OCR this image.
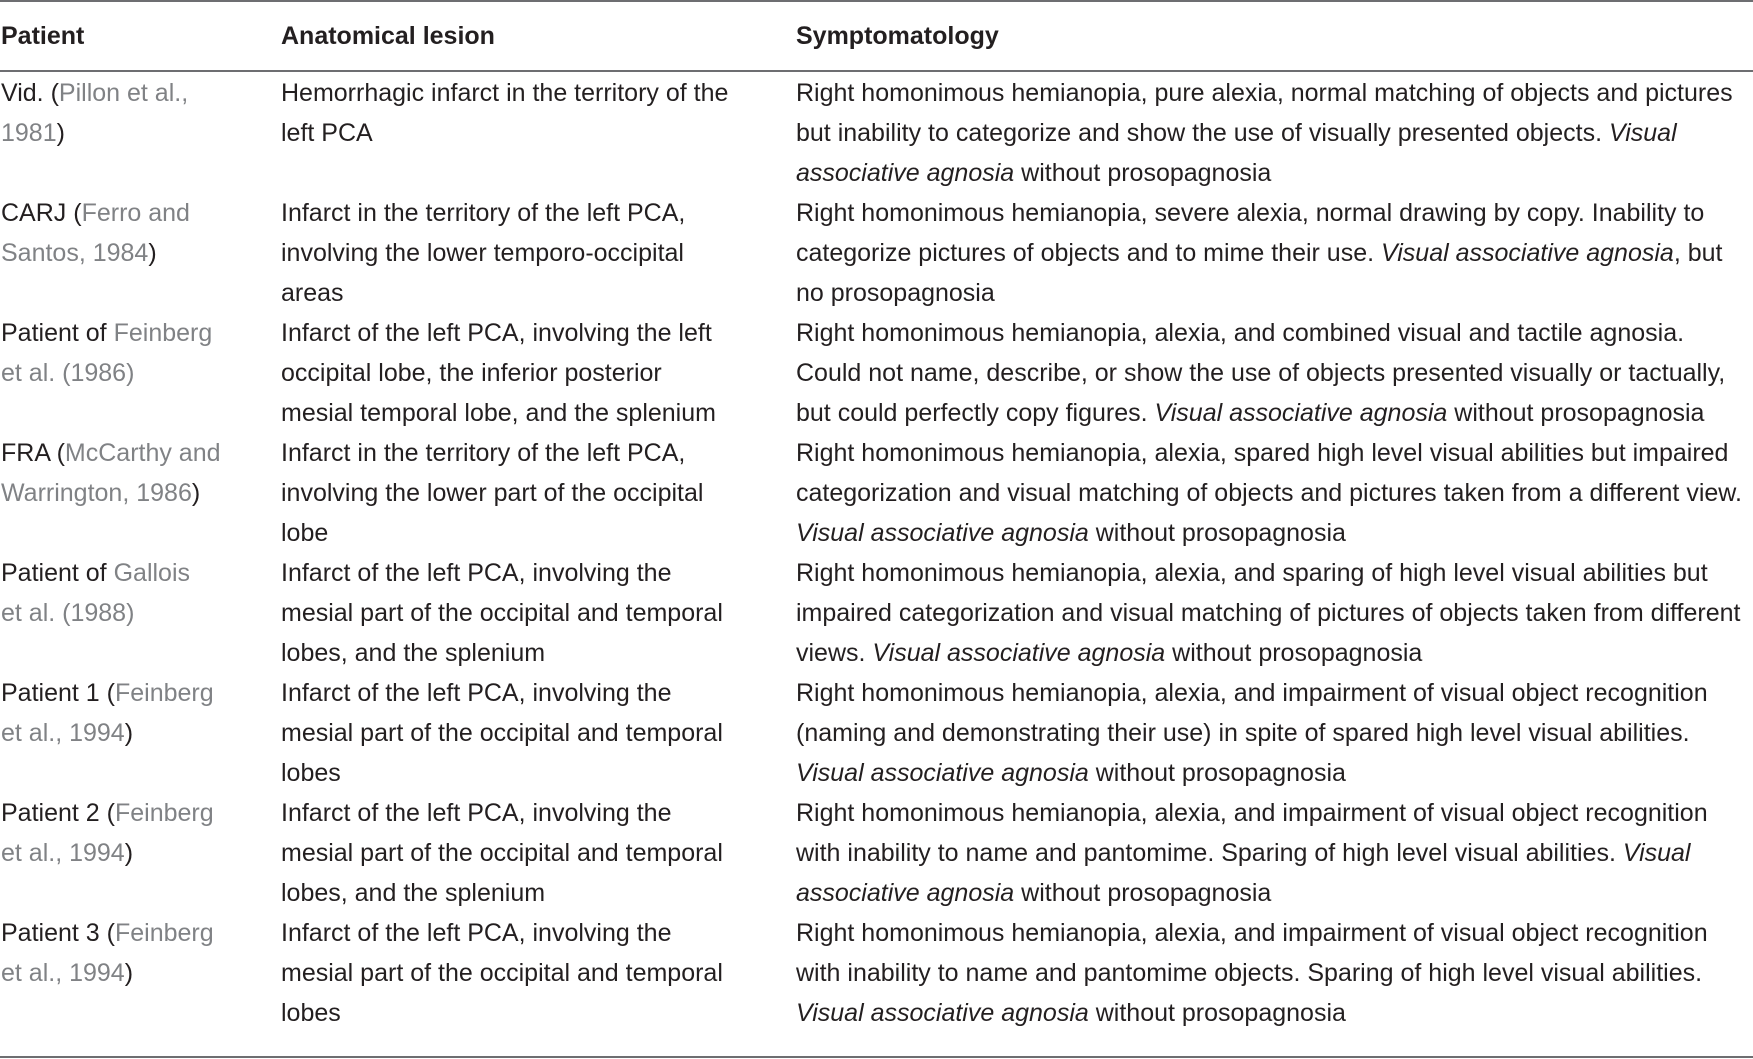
Patient	Anatomical lesion	Symptomatology
Vid. (Pillon et al.,
1981)
Hemorrhagic infarct in the territory of the
left PCA
Right homonimous hemianopia, pure alexia, normal matching of objects and pictures
but inability to categorize and show the use of visually presented objects. Visual
associative agnosia without prosopagnosia
CARJ (Ferro and
Santos, 1984)
Infarct in the territory of the left PCA,
involving the lower temporo-occipital
areas
Right homonimous hemianopia, severe alexia, normal drawing by copy. Inability to
categorize pictures of objects and to mime their use. Visual associative agnosia, but
no prosopagnosia
Patient of Feinberg
et al. (1986)
Infarct of the left PCA, involving the left
occipital lobe, the inferior posterior
mesial temporal lobe, and the splenium
Right homonimous hemianopia, alexia, and combined visual and tactile agnosia.
Could not name, describe, or show the use of objects presented visually or tactually,
but could perfectly copy figures. Visual associative agnosia without prosopagnosia
FRA (McCarthy and
Warrington, 1986)
Infarct in the territory of the left PCA,
involving the lower part of the occipital
lobe
Right homonimous hemianopia, alexia, spared high level visual abilities but impaired
categorization and visual matching of objects and pictures taken from a different view.
Visual associative agnosia without prosopagnosia
Patient of Gallois
et al. (1988)
Infarct of the left PCA, involving the
mesial part of the occipital and temporal
lobes, and the splenium
Right homonimous hemianopia, alexia, and sparing of high level visual abilities but
impaired categorization and visual matching of pictures of objects taken from different
views. Visual associative agnosia without prosopagnosia
Patient 1 (Feinberg
et al., 1994)
Infarct of the left PCA, involving the
mesial part of the occipital and temporal
lobes
Right homonimous hemianopia, alexia, and impairment of visual object recognition
(naming and demonstrating their use) in spite of spared high level visual abilities.
Visual associative agnosia without prosopagnosia
Patient 2 (Feinberg
et al., 1994)
Infarct of the left PCA, involving the
mesial part of the occipital and temporal
lobes, and the splenium
Right homonimous hemianopia, alexia, and impairment of visual object recognition
with inability to name and pantomime. Sparing of high level visual abilities. Visual
associative agnosia without prosopagnosia
Patient 3 (Feinberg
et al., 1994)
Infarct of the left PCA, involving the
mesial part of the occipital and temporal
lobes
Right homonimous hemianopia, alexia, and impairment of visual object recognition
with inability to name and pantomime objects. Sparing of high level visual abilities.
Visual associative agnosia without prosopagnosia
